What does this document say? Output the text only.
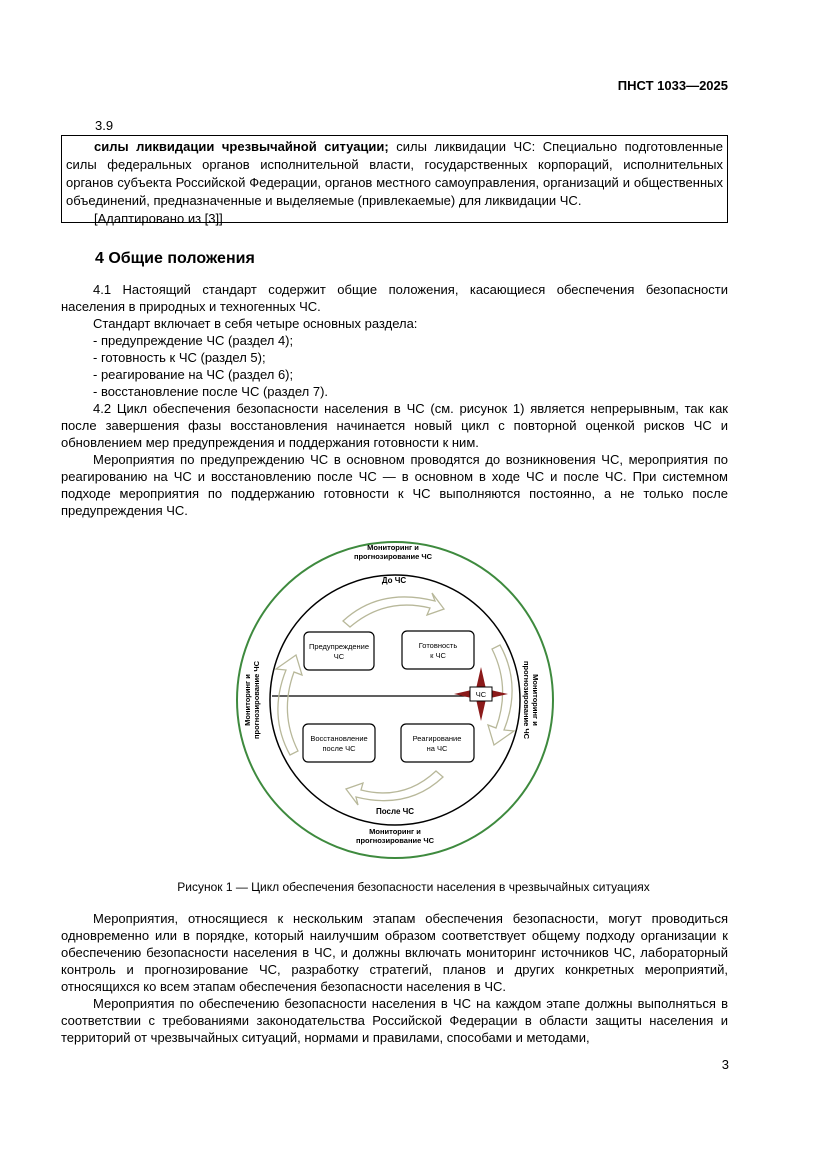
ПНСТ 1033—2025
3.9

силы ликвидации чрезвычайной ситуации; силы ликвидации ЧС: Специально подготовленные силы федеральных органов исполнительной власти, государственных корпораций, исполнительных органов субъекта Российской Федерации, органов местного самоуправления, организаций и общественных объединений, предназначенные и выделяемые (привлекаемые) для ликвидации ЧС.

[Адаптировано из [3]]

4 Общие положения

4.1 Настоящий стандарт содержит общие положения, касающиеся обеспечения безопасности населения в природных и техногенных ЧС.

Стандарт включает в себя четыре основных раздела:

- предупреждение ЧС (раздел 4);

- готовность к ЧС (раздел 5);

- реагирование на ЧС (раздел 6);

- восстановление после ЧС (раздел 7).

4.2 Цикл обеспечения безопасности населения в ЧС (см. рисунок 1) является непрерывным, так как после завершения фазы восстановления начинается новый цикл с повторной оценкой рисков ЧС и обновлением мер предупреждения и поддержания готовности к ним.

Мероприятия по предупреждению ЧС в основном проводятся до возникновения ЧС, мероприятия по реагированию на ЧС и восстановлению после ЧС — в основном в ходе ЧС и после ЧС. При системном подходе мероприятия по поддержанию готовности к ЧС выполняются постоянно, а не только после предупреждения ЧС.

Мониторинг и прогнозирование ЧС
Мониторинг и прогнозирование ЧС
Мониторинг ипрогнозирование ЧС	Мониторинг ипрогнозирование ЧС
До ЧС
После ЧС
Предупреждение ЧС
Готовность к ЧС
Восстановление после ЧС
Реагирование на ЧС
ЧС
Рисунок 1 — Цикл обеспечения безопасности населения в чрезвычайных ситуациях

Мероприятия, относящиеся к нескольким этапам обеспечения безопасности, могут проводиться одновременно или в порядке, который наилучшим образом соответствует общему подходу организации к обеспечению безопасности населения в ЧС, и должны включать мониторинг источников ЧС, лабораторный контроль и прогнозирование ЧС, разработку стратегий, планов и других конкретных мероприятий, относящихся ко всем этапам обеспечения безопасности населения в ЧС.

Мероприятия по обеспечению безопасности населения в ЧС на каждом этапе должны выполняться в соответствии с требованиями законодательства Российской Федерации в области защиты населения и территорий от чрезвычайных ситуаций, нормами и правилами, способами и методами,

3
